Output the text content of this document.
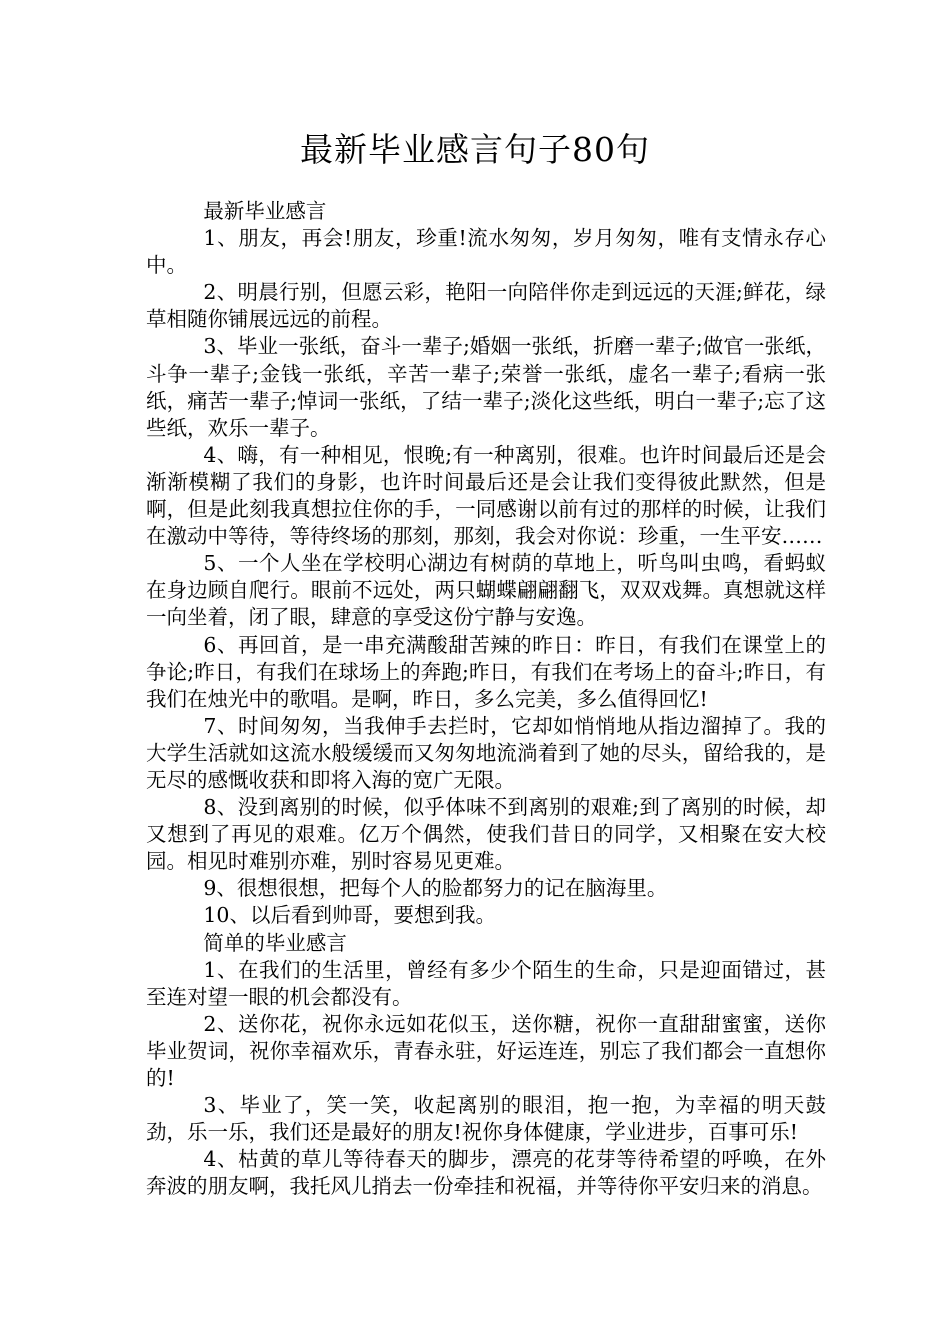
最新毕业感言句子80句

最新毕业感言

1、朋友，再会!朋友，珍重!流水匆匆，岁月匆匆，唯有支情永存心中。

2、明晨行别，但愿云彩，艳阳一向陪伴你走到远远的天涯;鲜花，绿草相随你铺展远远的前程。

3、毕业一张纸，奋斗一辈子;婚姻一张纸，折磨一辈子;做官一张纸，斗争一辈子;金钱一张纸，辛苦一辈子;荣誉一张纸，虚名一辈子;看病一张纸，痛苦一辈子;悼词一张纸，了结一辈子;淡化这些纸，明白一辈子;忘了这些纸，欢乐一辈子。

4、嗨，有一种相见，恨晚;有一种离别，很难。也许时间最后还是会渐渐模糊了我们的身影，也许时间最后还是会让我们变得彼此默然，但是啊，但是此刻我真想拉住你的手，一同感谢以前有过的那样的时候，让我们在激动中等待，等待终场的那刻，那刻，我会对你说：珍重，一生平安……

5、一个人坐在学校明心湖边有树荫的草地上，听鸟叫虫鸣，看蚂蚁在身边顾自爬行。眼前不远处，两只蝴蝶翩翩翻飞，双双戏舞。真想就这样一向坐着，闭了眼，肆意的享受这份宁静与安逸。

6、再回首，是一串充满酸甜苦辣的昨日：昨日，有我们在课堂上的争论;昨日，有我们在球场上的奔跑;昨日，有我们在考场上的奋斗;昨日，有我们在烛光中的歌唱。是啊，昨日，多么完美，多么值得回忆!

7、时间匆匆，当我伸手去拦时，它却如悄悄地从指边溜掉了。我的大学生活就如这流水般缓缓而又匆匆地流淌着到了她的尽头，留给我的，是无尽的感慨收获和即将入海的宽广无限。

8、没到离别的时候，似乎体味不到离别的艰难;到了离别的时候，却又想到了再见的艰难。亿万个偶然，使我们昔日的同学，又相聚在安大校园。相见时难别亦难，别时容易见更难。

9、很想很想，把每个人的脸都努力的记在脑海里。

10、以后看到帅哥，要想到我。

简单的毕业感言

1、在我们的生活里，曾经有多少个陌生的生命，只是迎面错过，甚至连对望一眼的机会都没有。

2、送你花，祝你永远如花似玉，送你糖，祝你一直甜甜蜜蜜，送你毕业贺词，祝你幸福欢乐，青春永驻，好运连连，别忘了我们都会一直想你的!

3、毕业了，笑一笑，收起离别的眼泪，抱一抱，为幸福的明天鼓劲，乐一乐，我们还是最好的朋友!祝你身体健康，学业进步，百事可乐!

4、枯黄的草儿等待春天的脚步，漂亮的花芽等待希望的呼唤，在外奔波的朋友啊，我托风儿捎去一份牵挂和祝福，并等待你平安归来的消息。
